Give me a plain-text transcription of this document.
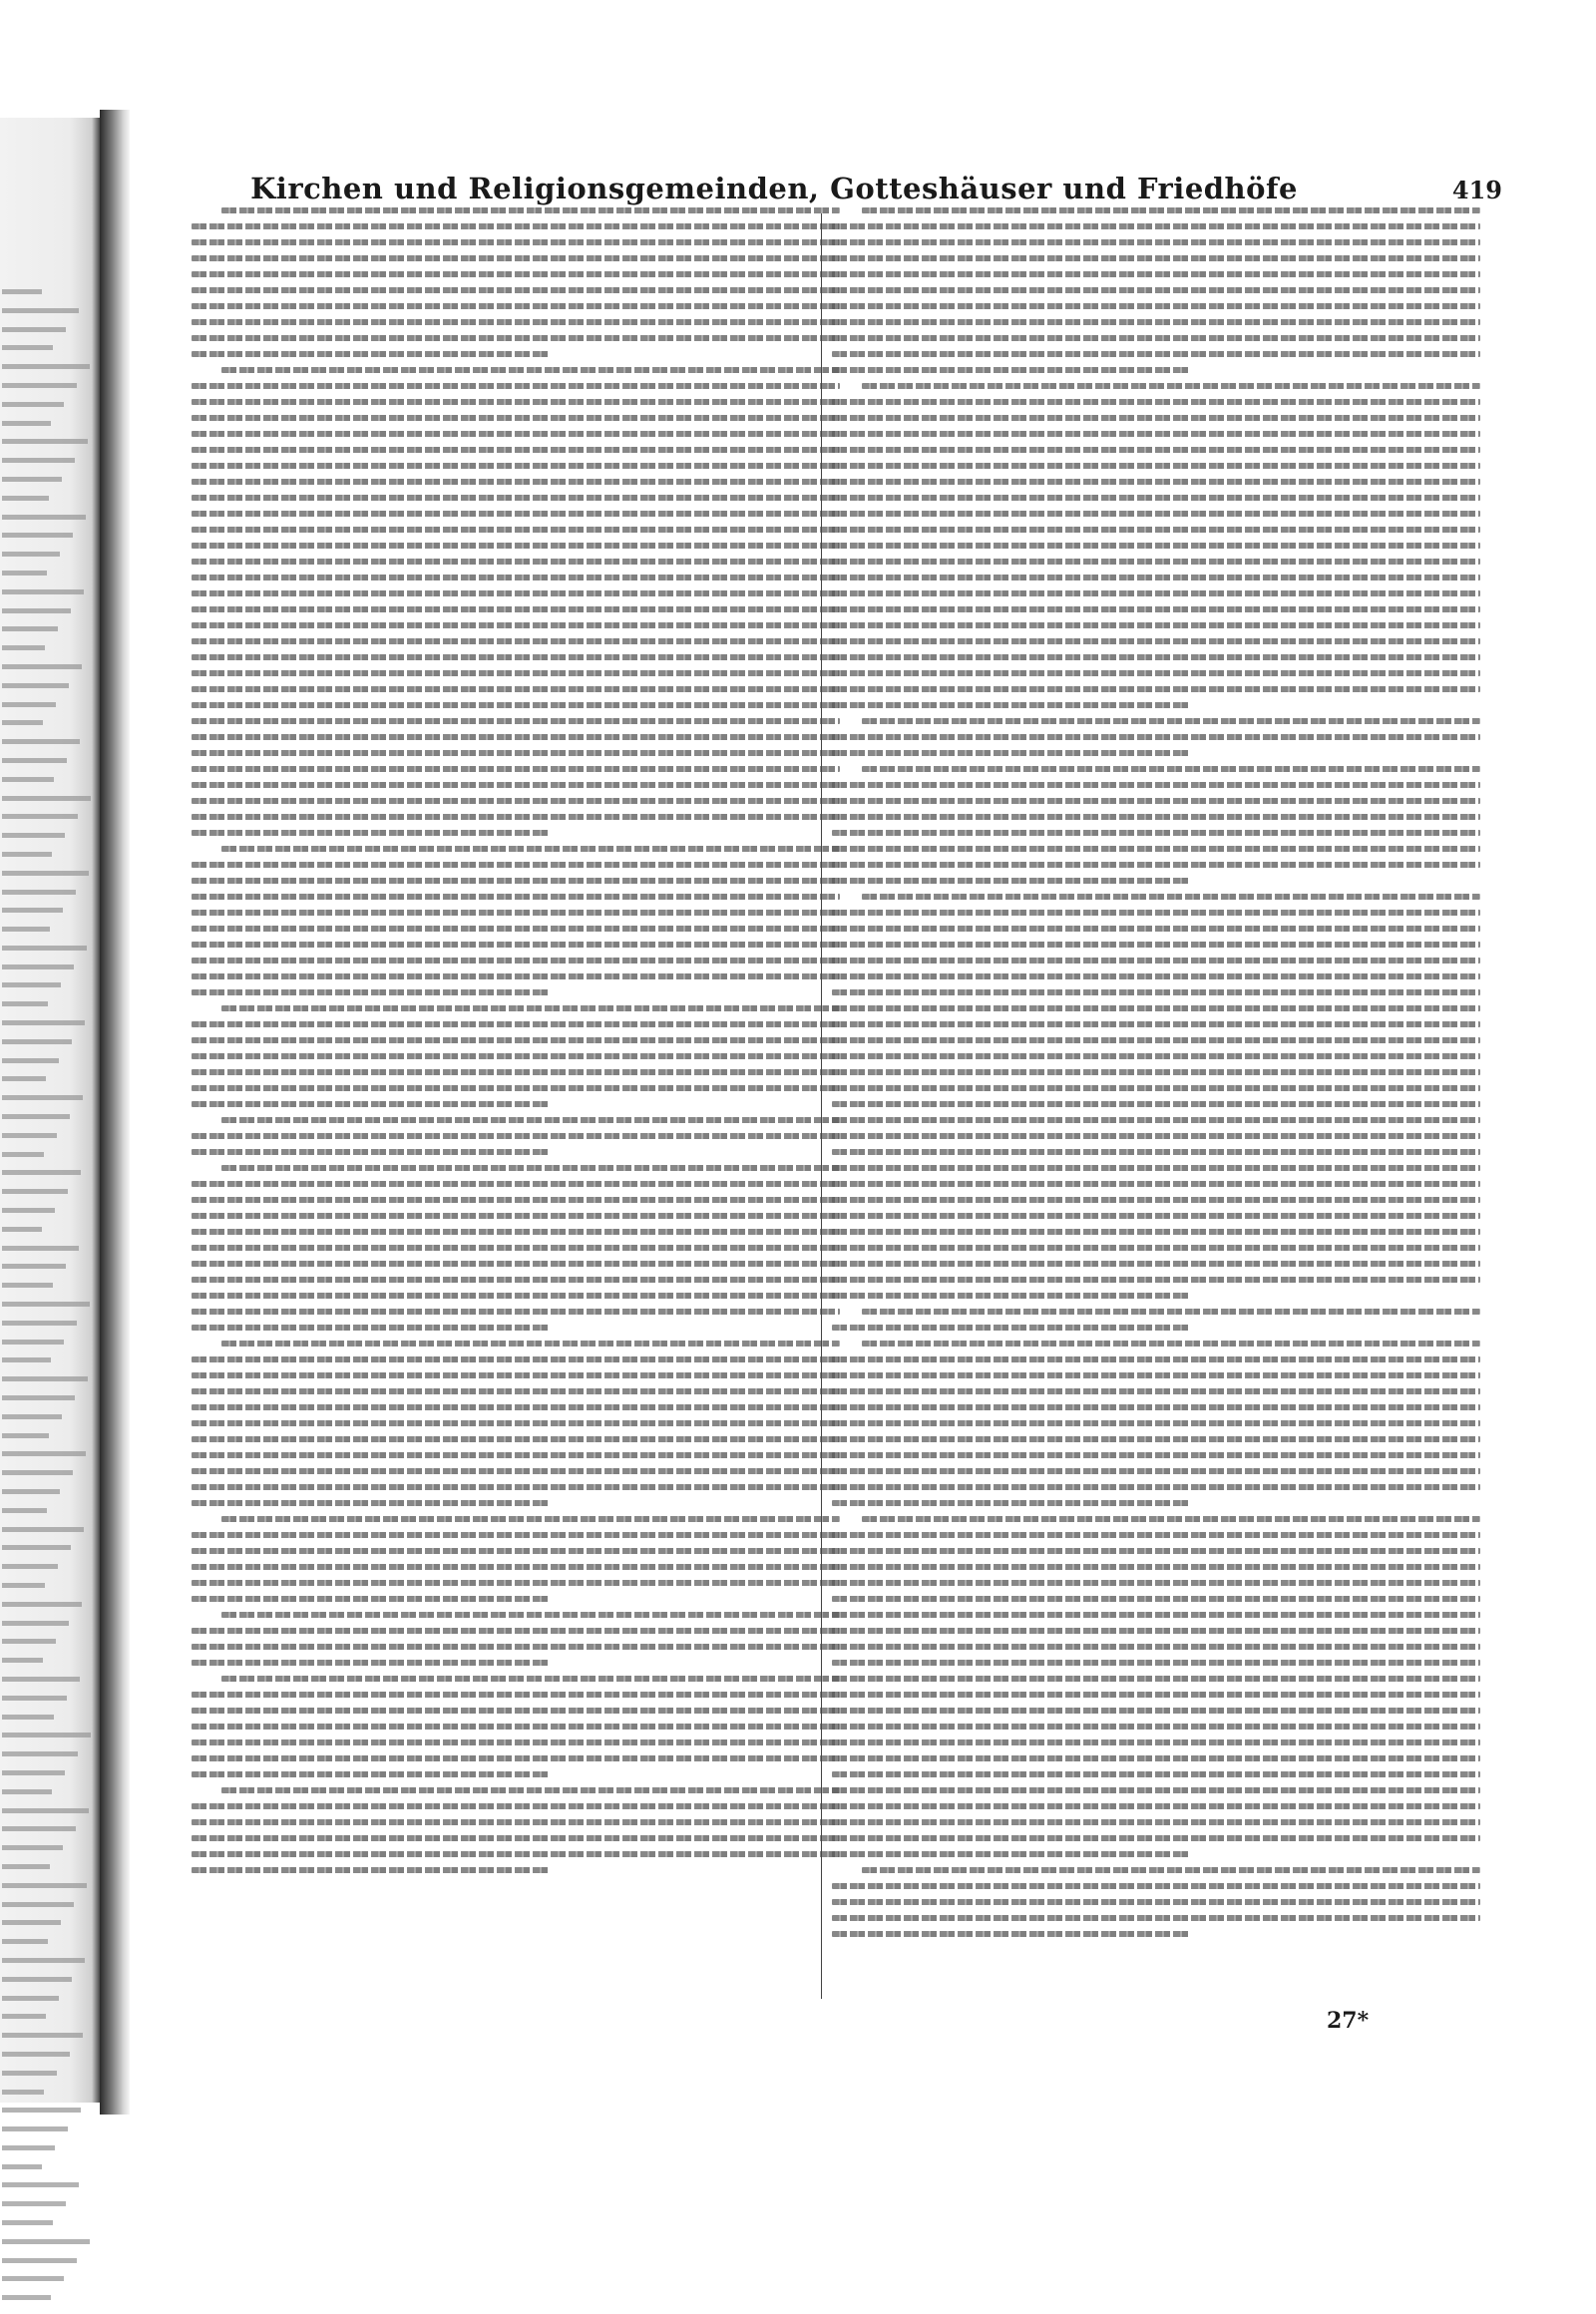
Kirchen und Religionsgemeinden, Gotteshäuser und Friedhöfe	419
27*
